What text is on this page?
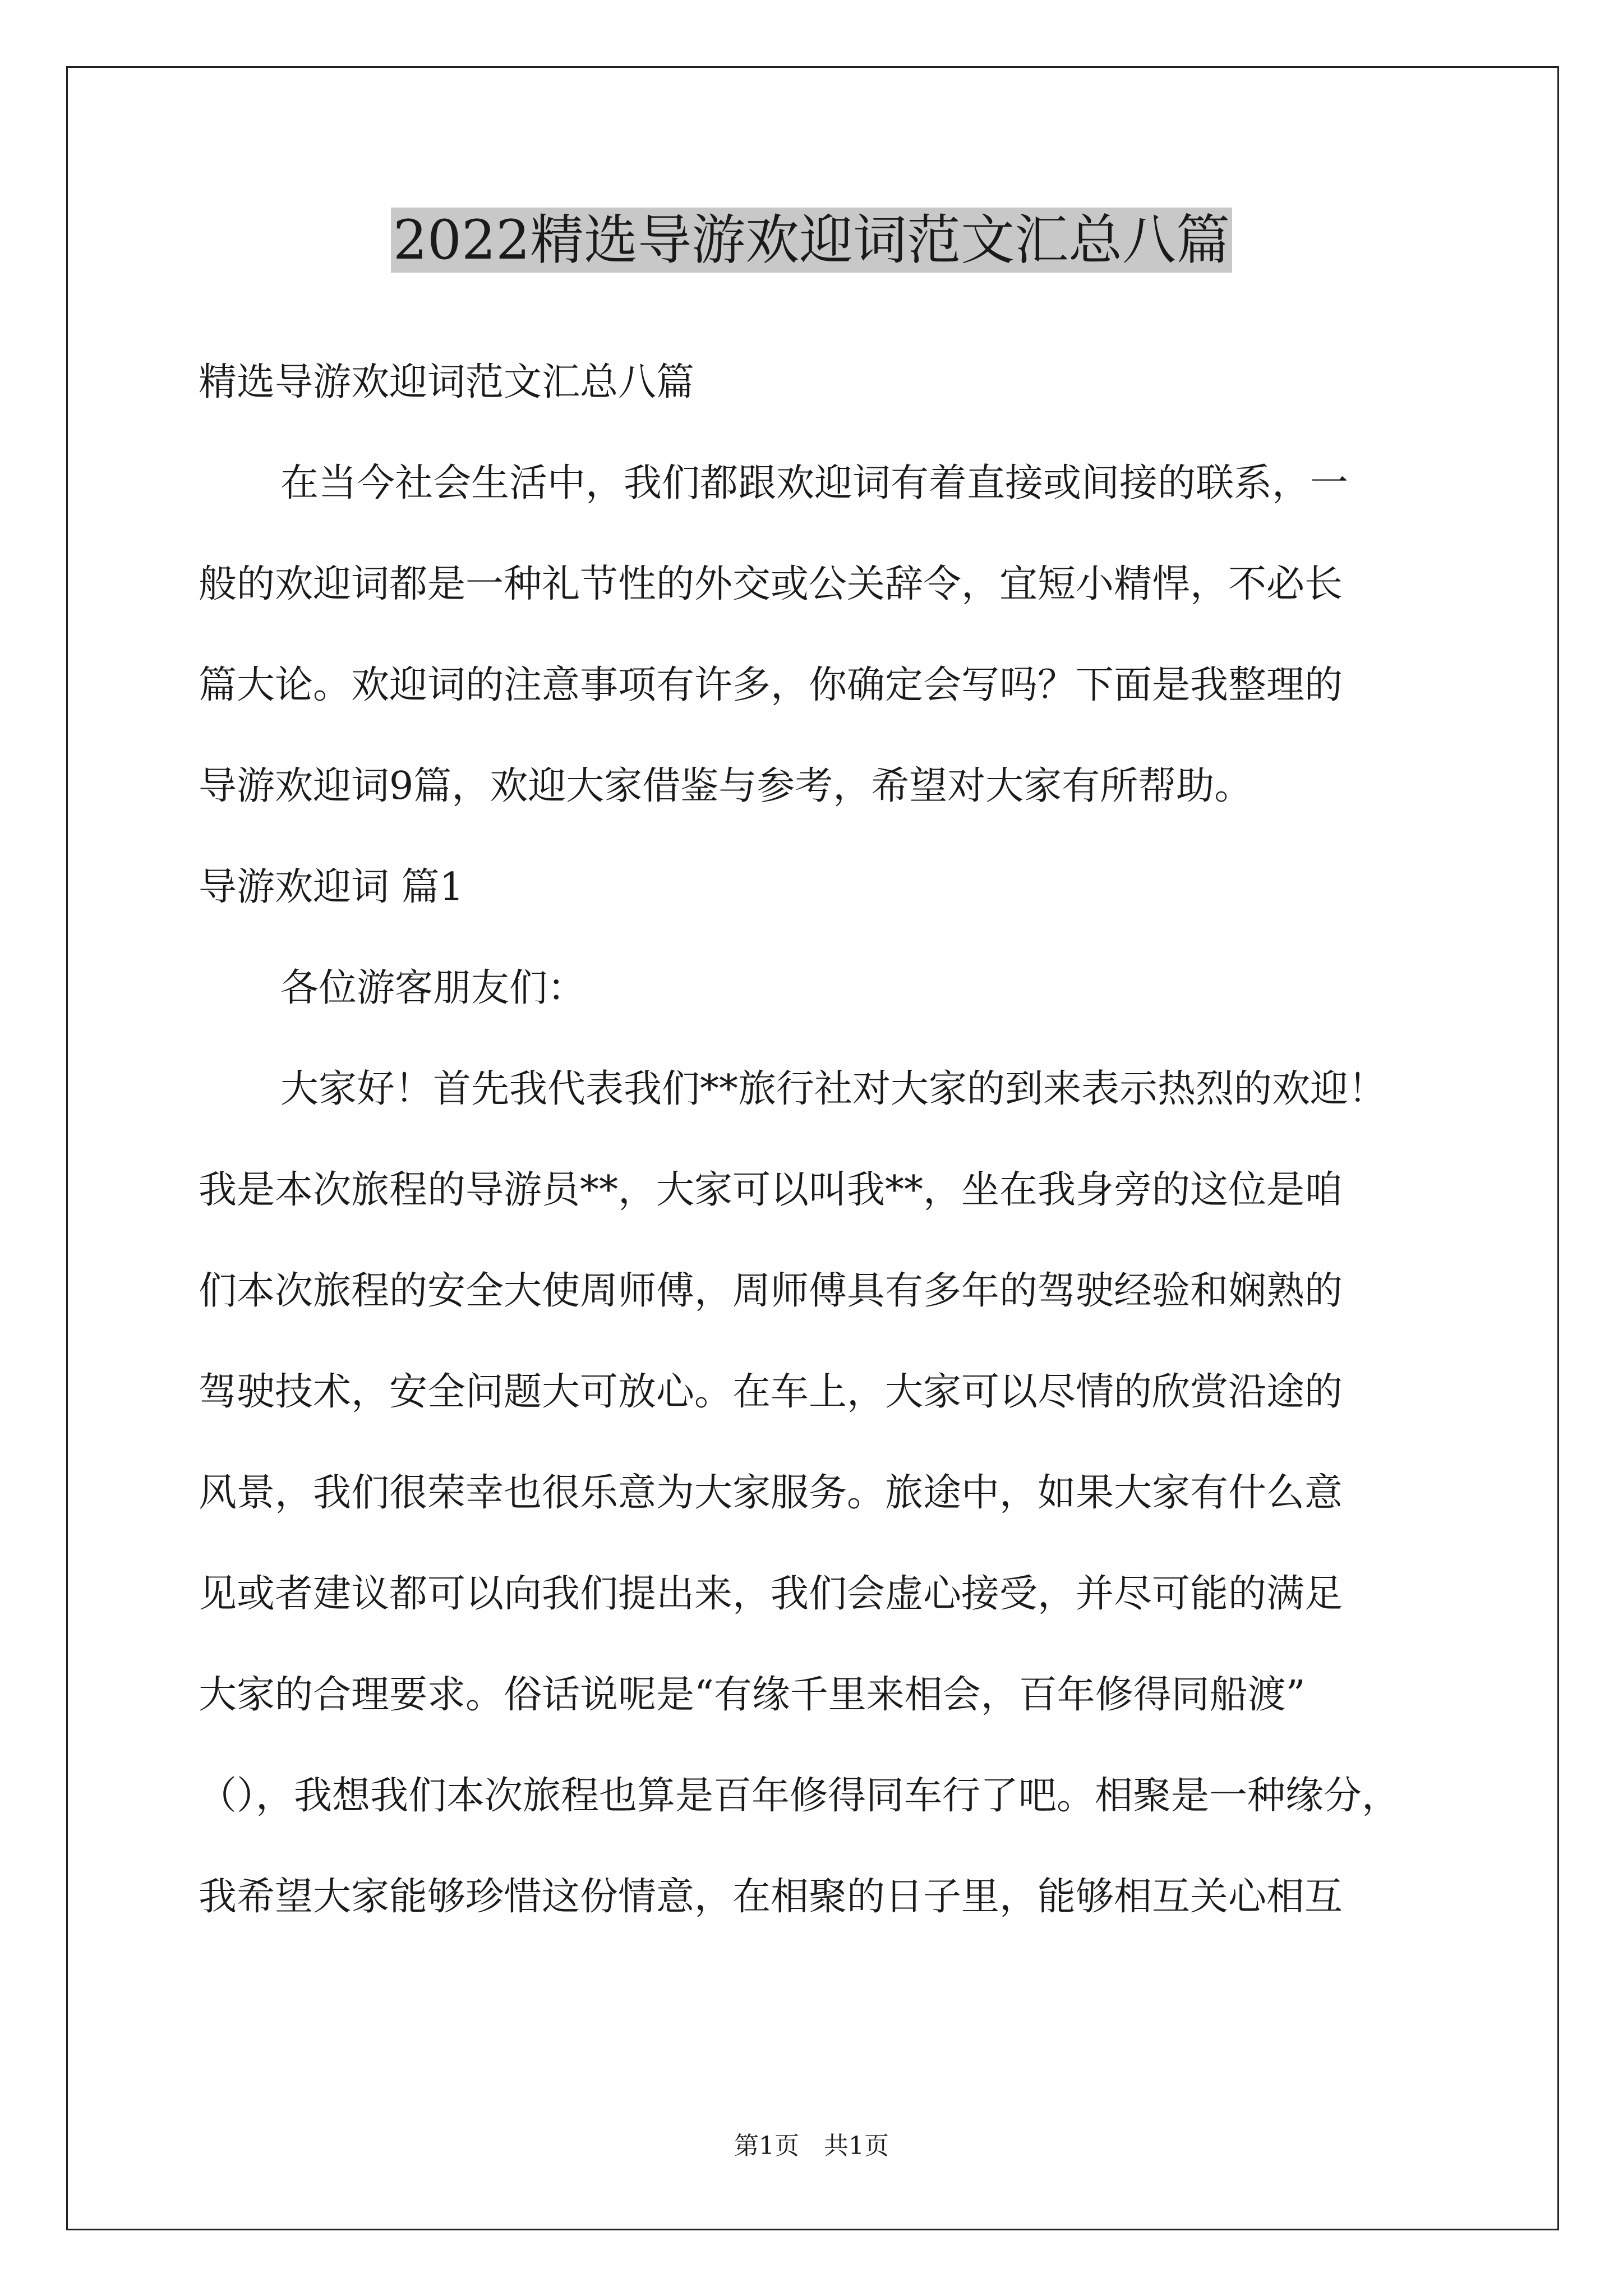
2022精选导游欢迎词范文汇总八篇

精选导游欢迎词范文汇总八篇

在当今社会生活中，我们都跟欢迎词有着直接或间接的联系，一

般的欢迎词都是一种礼节性的外交或公关辞令，宜短小精悍，不必长

篇大论。欢迎词的注意事项有许多，你确定会写吗？下面是我整理的

导游欢迎词9篇，欢迎大家借鉴与参考，希望对大家有所帮助。

导游欢迎词 篇1

各位游客朋友们：

大家好！首先我代表我们**旅行社对大家的到来表示热烈的欢迎！

我是本次旅程的导游员**，大家可以叫我**，坐在我身旁的这位是咱

们本次旅程的安全大使周师傅，周师傅具有多年的驾驶经验和娴熟的

驾驶技术，安全问题大可放心。在车上，大家可以尽情的欣赏沿途的

风景，我们很荣幸也很乐意为大家服务。旅途中，如果大家有什么意

见或者建议都可以向我们提出来，我们会虚心接受，并尽可能的满足

大家的合理要求。俗话说呢是“有缘千里来相会，百年修得同船渡”

（），我想我们本次旅程也算是百年修得同车行了吧。相聚是一种缘分，

我希望大家能够珍惜这份情意，在相聚的日子里，能够相互关心相互

第1页　共1页
